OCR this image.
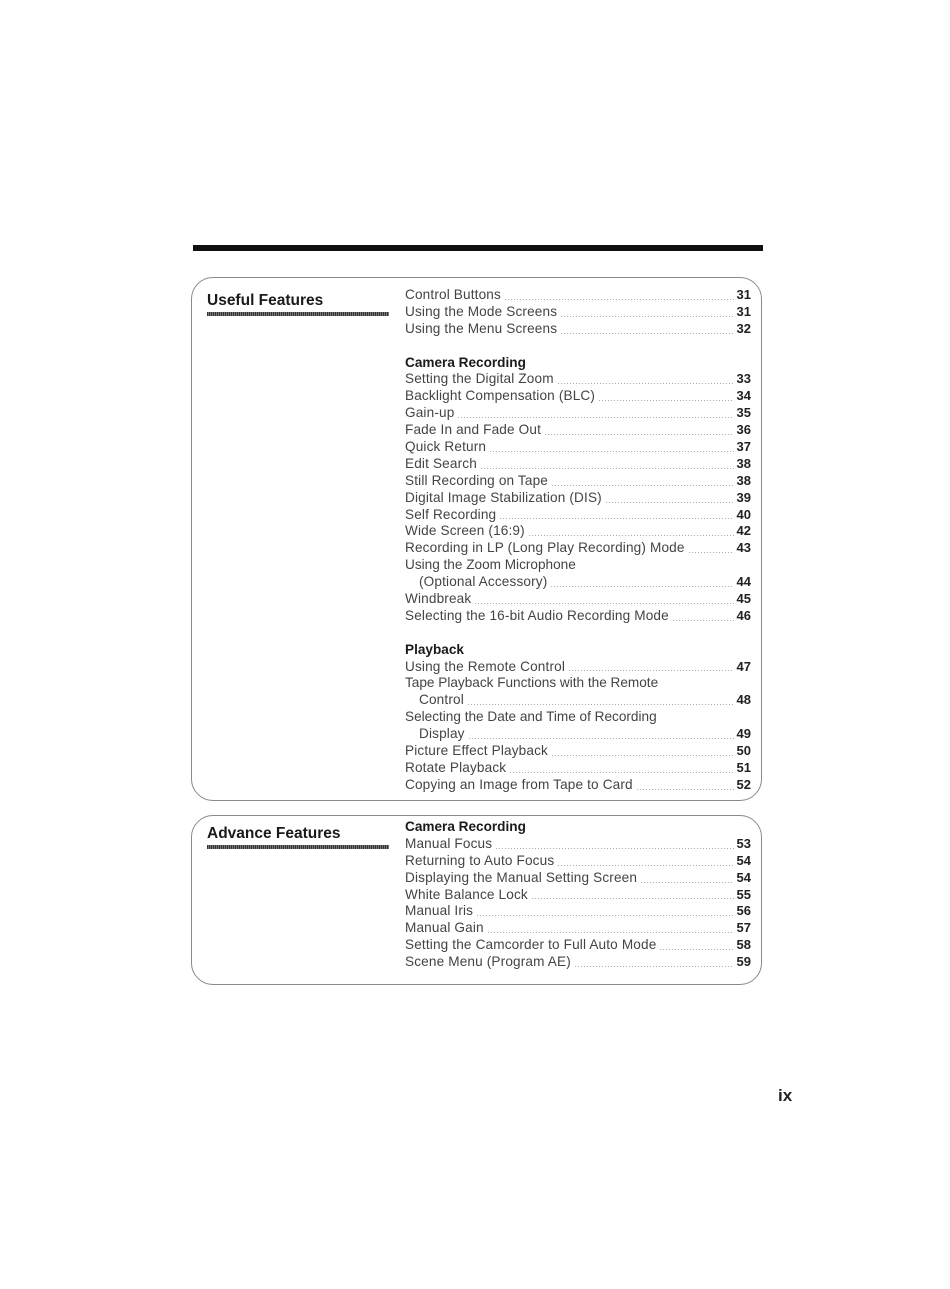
Useful Features	Control Buttons	31
Using the Mode Screens	31
Using the Menu Screens	32
Camera Recording
Setting the Digital Zoom	33
Backlight Compensation (BLC)	34
Gain-up	35
Fade In and Fade Out	36
Quick Return	37
Edit Search	38
Still Recording on Tape	38
Digital Image Stabilization (DIS)	39
Self Recording	40
Wide Screen (16:9)	42
Recording in LP (Long Play Recording) Mode	43
Using the Zoom Microphone
(Optional Accessory)	44
Windbreak	45
Selecting the 16-bit Audio Recording Mode	46
Playback
Using the Remote Control	47
Tape Playback Functions with the Remote
Control	48
Selecting the Date and Time of Recording
Display	49
Picture Effect Playback	50
Rotate Playback	51
Copying an Image from Tape to Card	52
Advance Features	Camera Recording
Manual Focus	53
Returning to Auto Focus	54
Displaying the Manual Setting Screen	54
White Balance Lock	55
Manual Iris	56
Manual Gain	57
Setting the Camcorder to Full Auto Mode	58
Scene Menu (Program AE)	59
ix
